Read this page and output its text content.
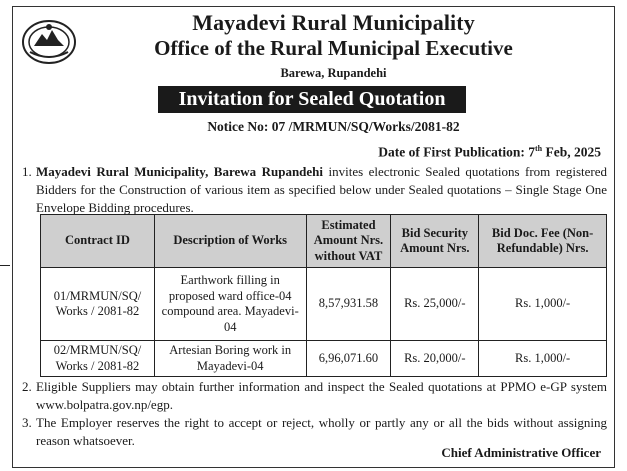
Mayadevi Rural Municipality
Office of the Rural Municipal Executive
Barewa, Rupandehi
Invitation for Sealed Quotation
Notice No: 07 /MRMUN/SQ/Works/2081-82
Date of First Publication: 7th Feb, 2025
1. Mayadevi Rural Municipality, Barewa Rupandehi invites electronic Sealed quotations from registered Bidders for the Construction of various item as specified below under Sealed quotations – Single Stage One Envelope Bidding procedures.
Contract ID	Description of Works	Estimated Amount Nrs. without VAT	Bid Security Amount Nrs.	Bid Doc. Fee (Non-Refundable) Nrs.
01/MRMUN/SQ/ Works / 2081-82	Earthwork filling in proposed ward office-04 compound area. Mayadevi-04	8,57,931.58	Rs. 25,000/-	Rs. 1,000/-
02/MRMUN/SQ/ Works / 2081-82	Artesian Boring work in Mayadevi-04	6,96,071.60	Rs. 20,000/-	Rs. 1,000/-
2. Eligible Suppliers may obtain further information and inspect the Sealed quotations at PPMO e-GP system www.bolpatra.gov.np/egp.
3. The Employer reserves the right to accept or reject, wholly or partly any or all the bids without assigning reason whatsoever.
Chief Administrative Officer
